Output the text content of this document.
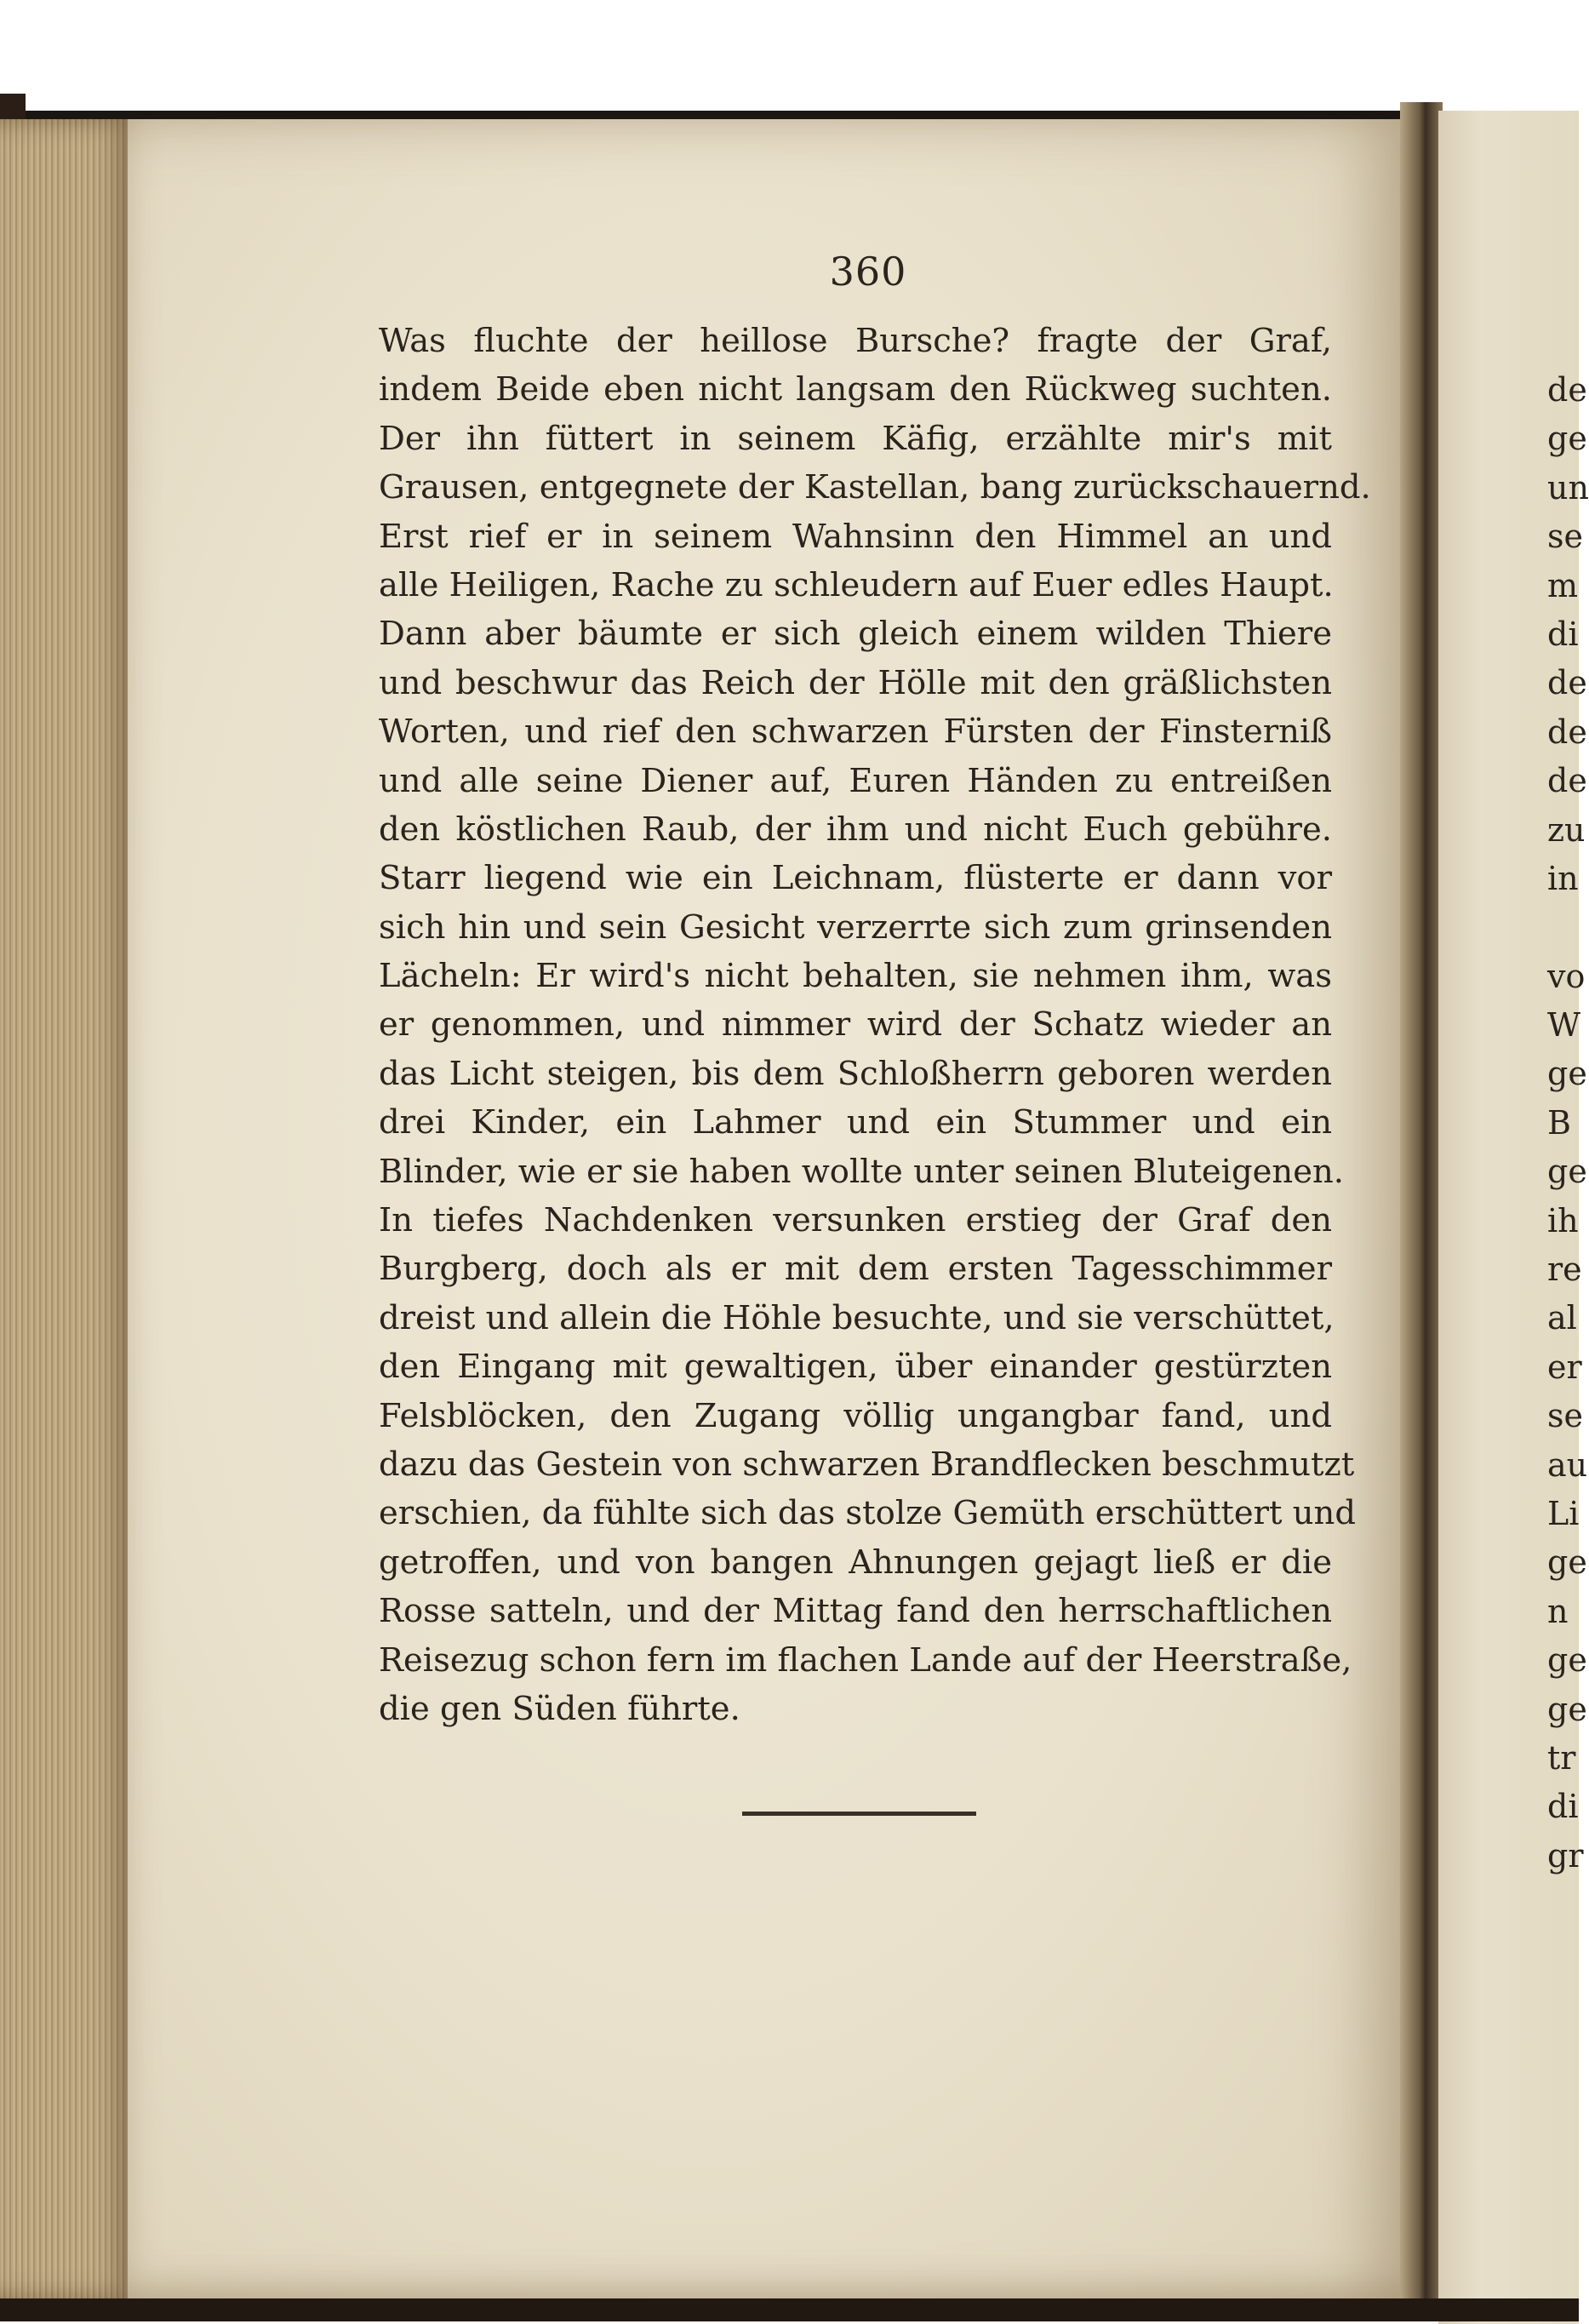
360
Was fluchte der heillose Bursche? fragte der Graf,
indem Beide eben nicht langsam den Rückweg suchten.
Der ihn füttert in seinem Käfig, erzählte mir's mit
Grausen, entgegnete der Kastellan, bang zurückschauernd.
Erst rief er in seinem Wahnsinn den Himmel an und
alle Heiligen, Rache zu schleudern auf Euer edles Haupt.
Dann aber bäumte er sich gleich einem wilden Thiere
und beschwur das Reich der Hölle mit den gräßlichsten
Worten, und rief den schwarzen Fürsten der Finsterniß
und alle seine Diener auf, Euren Händen zu entreißen
den köstlichen Raub, der ihm und nicht Euch gebühre.
Starr liegend wie ein Leichnam, flüsterte er dann vor
sich hin und sein Gesicht verzerrte sich zum grinsenden
Lächeln: Er wird's nicht behalten, sie nehmen ihm, was
er genommen, und nimmer wird der Schatz wieder an
das Licht steigen, bis dem Schloßherrn geboren werden
drei Kinder, ein Lahmer und ein Stummer und ein
Blinder, wie er sie haben wollte unter seinen Bluteigenen.
In tiefes Nachdenken versunken erstieg der Graf den
Burgberg, doch als er mit dem ersten Tagesschimmer
dreist und allein die Höhle besuchte, und sie verschüttet,
den Eingang mit gewaltigen, über einander gestürzten
Felsblöcken, den Zugang völlig ungangbar fand, und
dazu das Gestein von schwarzen Brandflecken beschmutzt
erschien, da fühlte sich das stolze Gemüth erschüttert und
getroffen, und von bangen Ahnungen gejagt ließ er die
Rosse satteln, und der Mittag fand den herrschaftlichen
Reisezug schon fern im flachen Lande auf der Heerstraße,
die gen Süden führte.
de
ge
un
se
m
di
de
de
de
zu
in
vo
W
ge
B
ge
ih
re
al
er
se
au
Li
ge
n
ge
ge
tr
di
gr
